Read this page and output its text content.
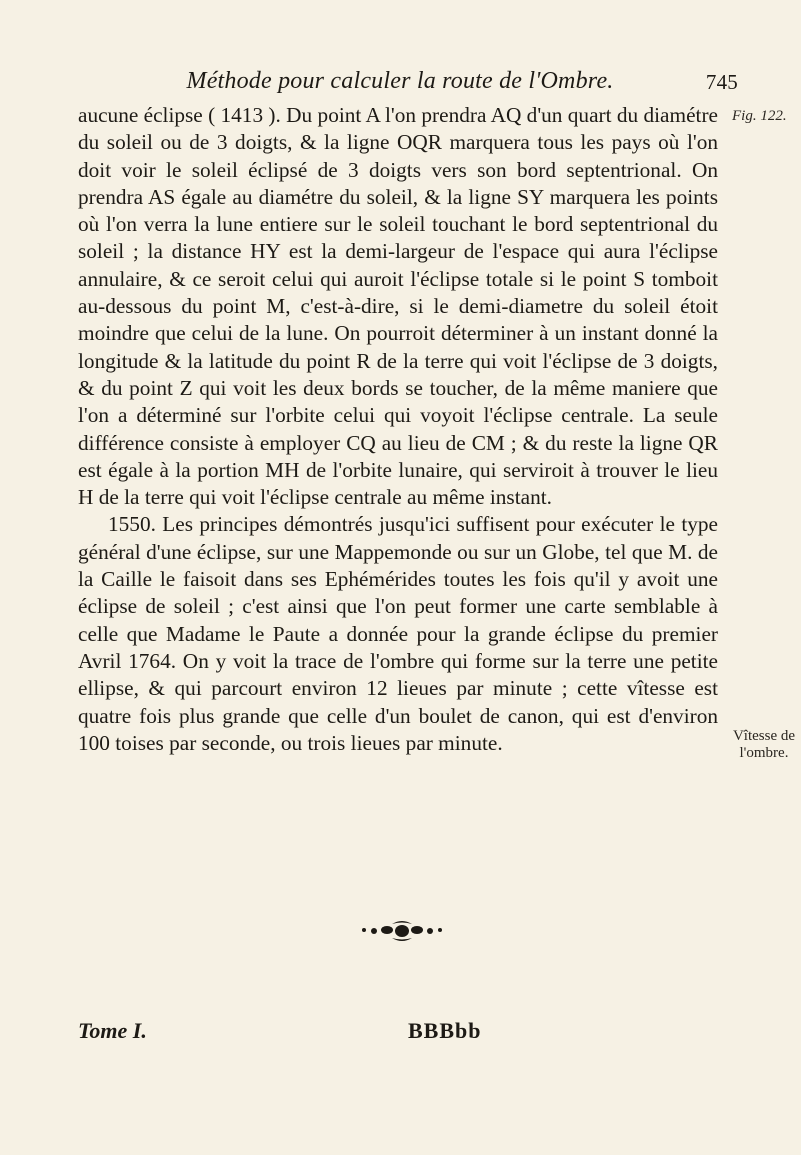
Méthode pour calculer la route de l'Ombre.	745
Fig. 122.

aucune éclipse ( 1413 ). Du point A l'on prendra AQ d'un quart du diamétre du soleil ou de 3 doigts, & la ligne OQR marquera tous les pays où l'on doit voir le soleil éclipsé de 3 doigts vers son bord septentrional. On prendra AS égale au diamétre du soleil, & la ligne SY marquera les points où l'on verra la lune entiere sur le soleil touchant le bord septentrional du soleil ; la distance HY est la demi-largeur de l'espace qui aura l'éclipse annulaire, & ce seroit celui qui auroit l'éclipse totale si le point S tomboit au-dessous du point M, c'est-à-dire, si le demi-diametre du soleil étoit moindre que celui de la lune. On pourroit déterminer à un instant donné la longitude & la latitude du point R de la terre qui voit l'éclipse de 3 doigts, & du point Z qui voit les deux bords se toucher, de la même maniere que l'on a déterminé sur l'orbite celui qui voyoit l'éclipse centrale. La seule différence consiste à employer CQ au lieu de CM ; & du reste la ligne QR est égale à la portion MH de l'orbite lunaire, qui serviroit à trouver le lieu H de la terre qui voit l'éclipse centrale au même instant.

1550. Les principes démontrés jusqu'ici suffisent pour exécuter le type général d'une éclipse, sur une Mappemonde ou sur un Globe, tel que M. de la Caille le faisoit dans ses Ephémérides toutes les fois qu'il y avoit une éclipse de soleil ; c'est ainsi que l'on peut former une carte semblable à celle que Madame le Paute a donnée pour la grande éclipse du premier Avril 1764. On y voit la trace de l'ombre qui forme sur la terre une petite ellipse, & qui parcourt environ 12 lieues par minute ; cette vîtesse est quatre fois plus grande que celle d'un boulet de canon, qui est d'environ 100 toises par seconde, ou trois lieues par minute.	Vîtesse de l'ombre.
Tome I.	BBBbb
